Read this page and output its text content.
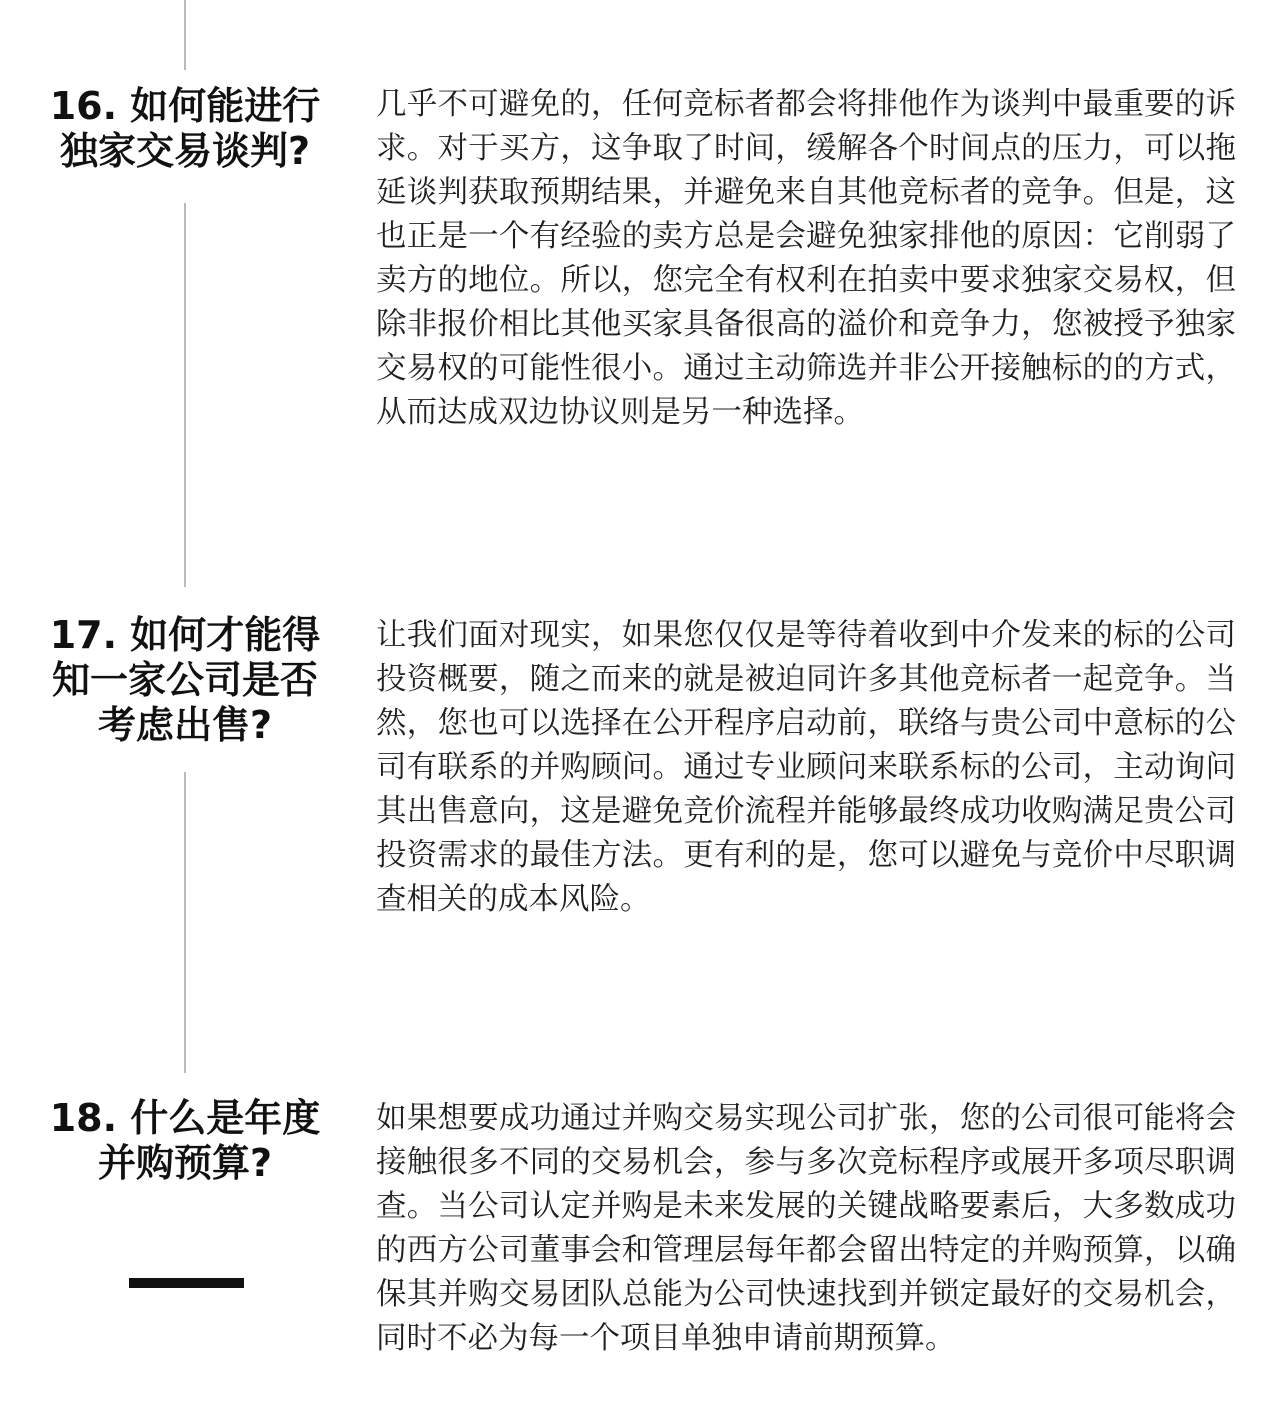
16. 如何能进行独家交易谈判?
几乎不可避免的，任何竞标者都会将排他作为谈判中最重要的诉求。对于买方，这争取了时间，缓解各个时间点的压力，可以拖延谈判获取预期结果，并避免来自其他竞标者的竞争。但是，这也正是一个有经验的卖方总是会避免独家排他的原因：它削弱了卖方的地位。所以，您完全有权利在拍卖中要求独家交易权，但除非报价相比其他买家具备很高的溢价和竞争力，您被授予独家交易权的可能性很小。通过主动筛选并非公开接触标的的方式，从而达成双边协议则是另一种选择。
17. 如何才能得知一家公司是否考虑出售?
让我们面对现实，如果您仅仅是等待着收到中介发来的标的公司投资概要，随之而来的就是被迫同许多其他竞标者一起竞争。当然，您也可以选择在公开程序启动前，联络与贵公司中意标的公司有联系的并购顾问。通过专业顾问来联系标的公司，主动询问其出售意向，这是避免竞价流程并能够最终成功收购满足贵公司投资需求的最佳方法。更有利的是，您可以避免与竞价中尽职调查相关的成本风险。
18. 什么是年度并购预算?
如果想要成功通过并购交易实现公司扩张，您的公司很可能将会接触很多不同的交易机会，参与多次竞标程序或展开多项尽职调查。当公司认定并购是未来发展的关键战略要素后，大多数成功的西方公司董事会和管理层每年都会留出特定的并购预算，以确保其并购交易团队总能为公司快速找到并锁定最好的交易机会，同时不必为每一个项目单独申请前期预算。
